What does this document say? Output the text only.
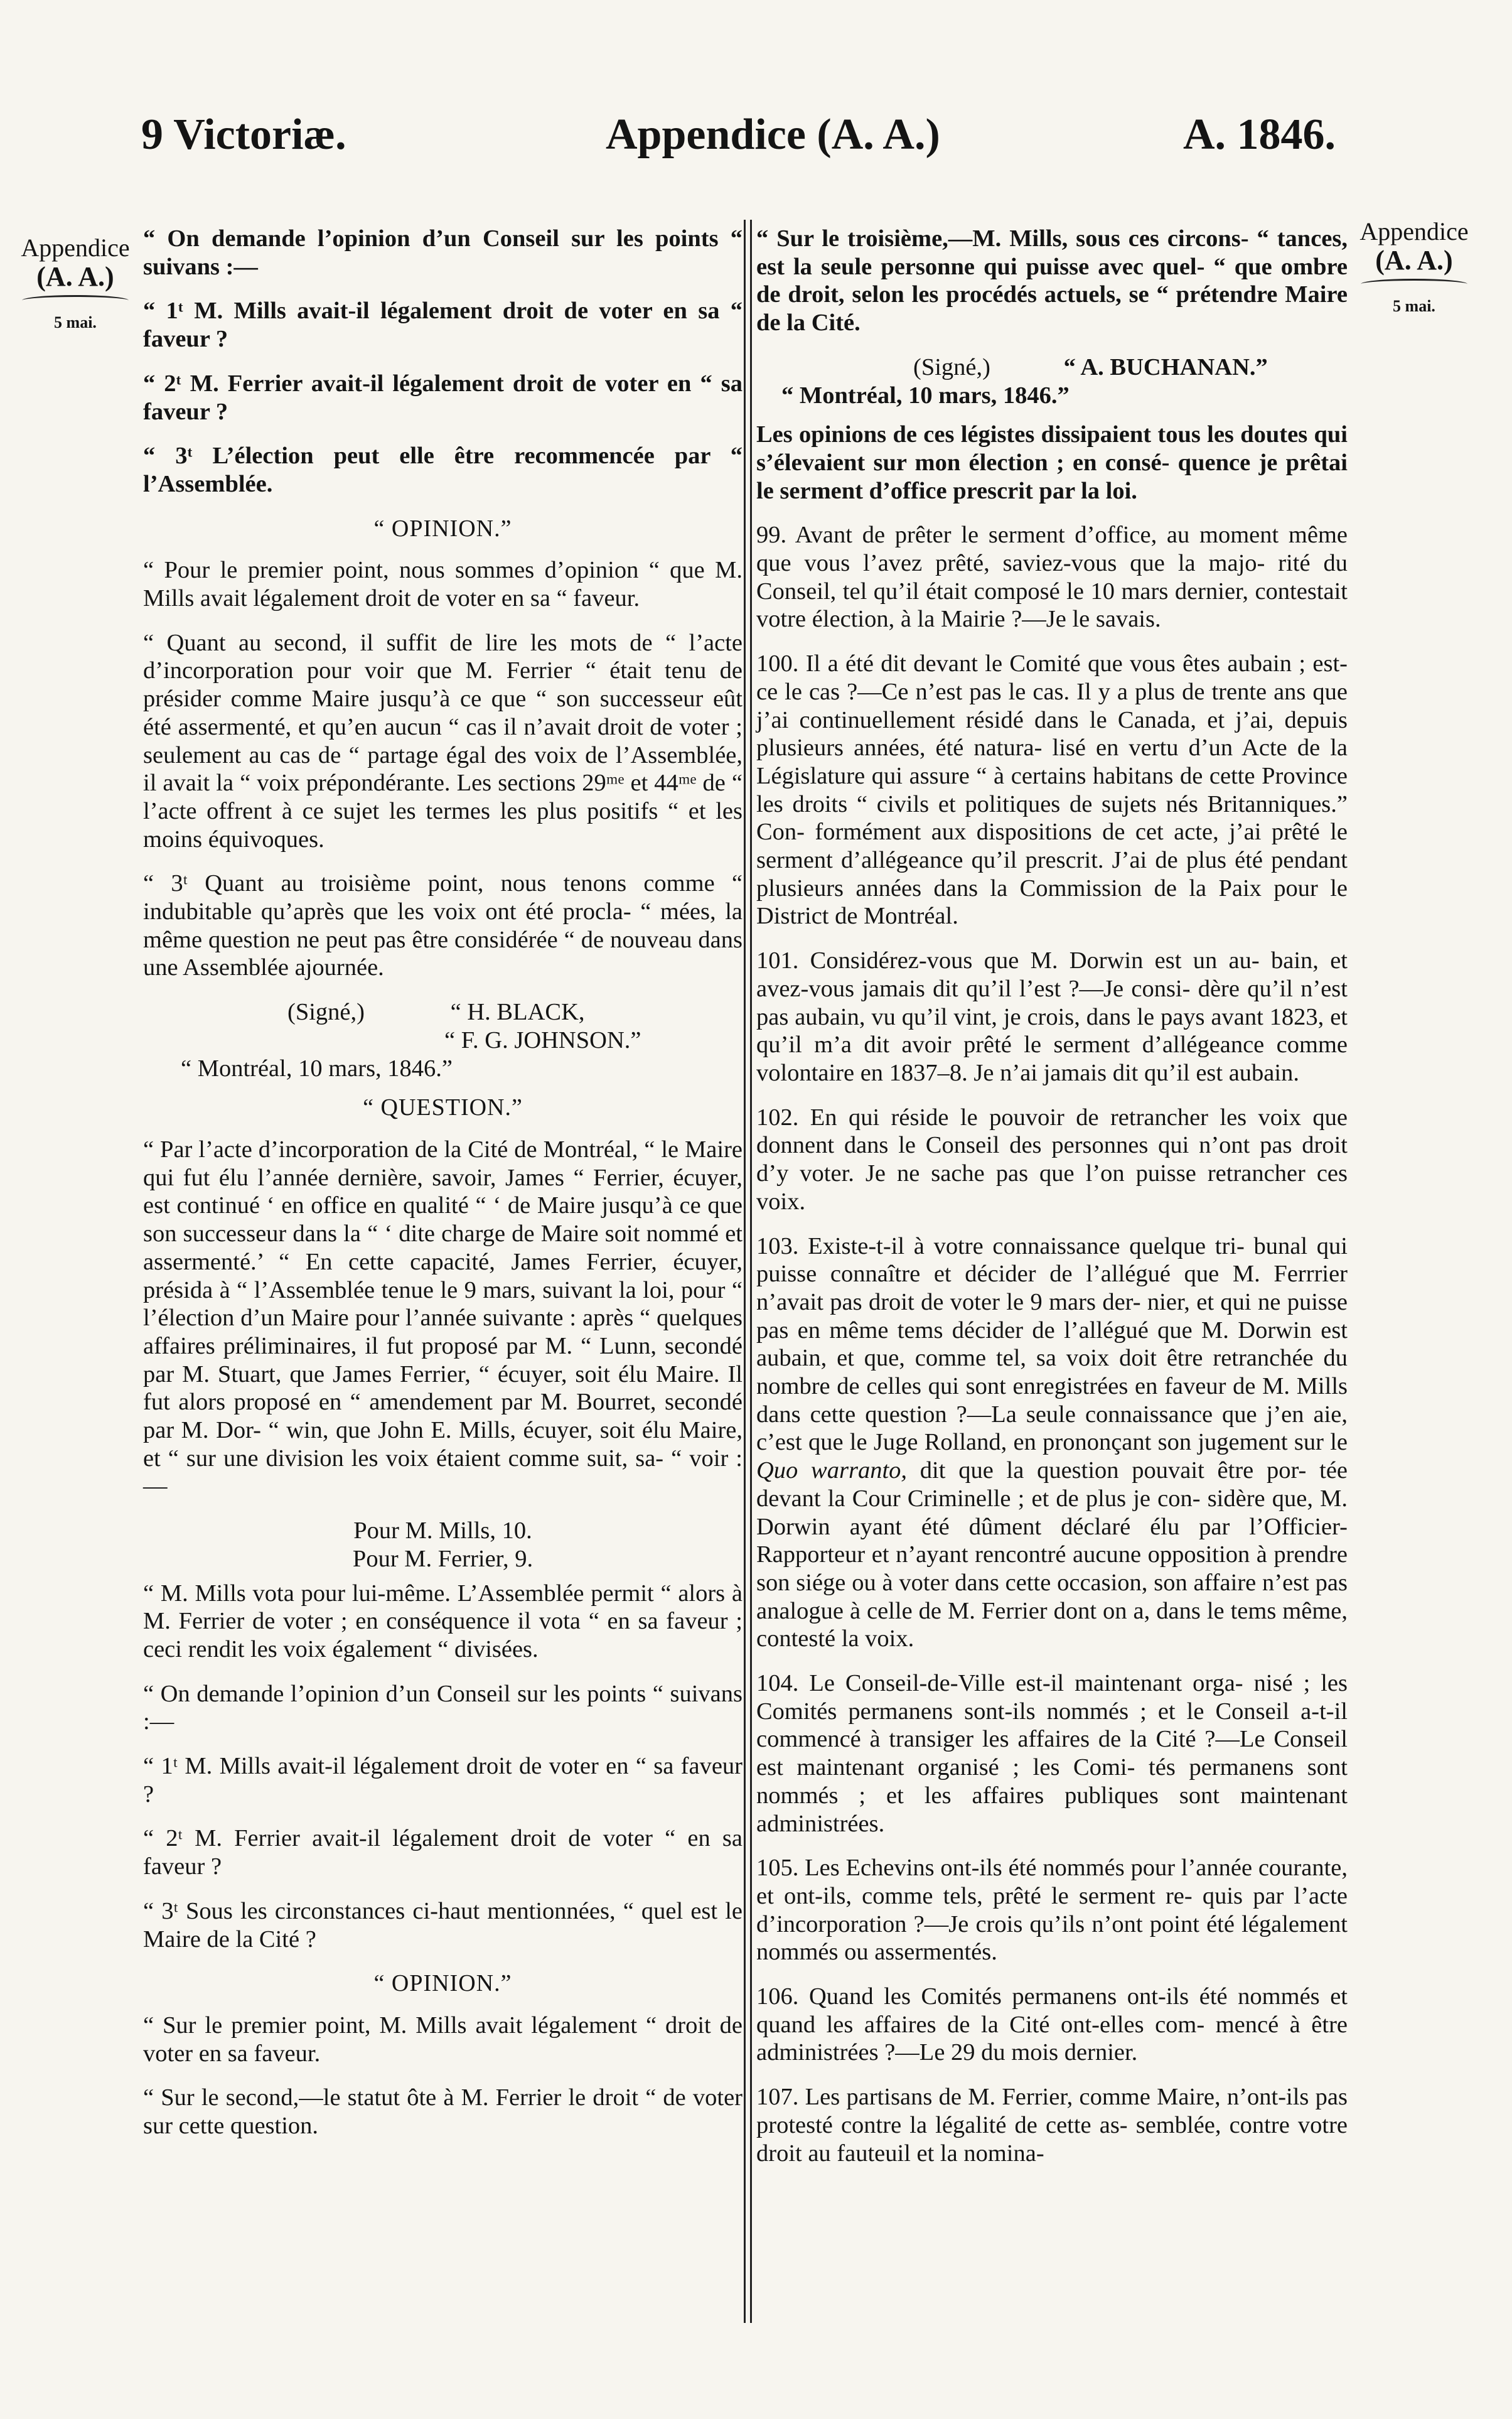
9 Victoriæ.	Appendice (A. A.)	A. 1846.
Appendice
(A. A.)
5 mai.
Appendice
(A. A.)
5 mai.

“ On demande l’opinion d’un Conseil sur les points “ suivans :—

“ 1ᵗ M. Mills avait-il légalement droit de voter en sa “ faveur ?

“ 2ᵗ M. Ferrier avait-il légalement droit de voter en “ sa faveur ?

“ 3ᵗ L’élection peut elle être recommencée par “ l’Assemblée.

“ OPINION.”

“ Pour le premier point, nous sommes d’opinion “ que M. Mills avait légalement droit de voter en sa “ faveur.

“ Quant au second, il suffit de lire les mots de “ l’acte d’incorporation pour voir que M. Ferrier “ était tenu de présider comme Maire jusqu’à ce que “ son successeur eût été assermenté, et qu’en aucun “ cas il n’avait droit de voter ; seulement au cas de “ partage égal des voix de l’Assemblée, il avait la “ voix prépondérante. Les sections 29ᵐᵉ et 44ᵐᵉ de “ l’acte offrent à ce sujet les termes les plus positifs “ et les moins équivoques.

“ 3ᵗ Quant au troisième point, nous tenons comme “ indubitable qu’après que les voix ont été procla- “ mées, la même question ne peut pas être considérée “ de nouveau dans une Assemblée ajournée.

(Signé,)	“ H. BLACK,
“ F. G. JOHNSON.”
“ Montréal, 10 mars, 1846.”
“ QUESTION.”

“ Par l’acte d’incorporation de la Cité de Montréal, “ le Maire qui fut élu l’année dernière, savoir, James “ Ferrier, écuyer, est continué ‘ en office en qualité “ ‘ de Maire jusqu’à ce que son successeur dans la “ ‘ dite charge de Maire soit nommé et assermenté.’ “ En cette capacité, James Ferrier, écuyer, présida à “ l’Assemblée tenue le 9 mars, suivant la loi, pour “ l’élection d’un Maire pour l’année suivante : après “ quelques affaires préliminaires, il fut proposé par M. “ Lunn, secondé par M. Stuart, que James Ferrier, “ écuyer, soit élu Maire. Il fut alors proposé en “ amendement par M. Bourret, secondé par M. Dor- “ win, que John E. Mills, écuyer, soit élu Maire, et “ sur une division les voix étaient comme suit, sa- “ voir :—

Pour M. Mills, 10.

Pour M. Ferrier, 9.

“ M. Mills vota pour lui-même. L’Assemblée permit “ alors à M. Ferrier de voter ; en conséquence il vota “ en sa faveur ; ceci rendit les voix également “ divisées.

“ On demande l’opinion d’un Conseil sur les points “ suivans :—

“ 1ᵗ M. Mills avait-il légalement droit de voter en “ sa faveur ?

“ 2ᵗ M. Ferrier avait-il légalement droit de voter “ en sa faveur ?

“ 3ᵗ Sous les circonstances ci-haut mentionnées, “ quel est le Maire de la Cité ?

“ OPINION.”

“ Sur le premier point, M. Mills avait légalement “ droit de voter en sa faveur.

“ Sur le second,—le statut ôte à M. Ferrier le droit “ de voter sur cette question.

“ Sur le troisième,—M. Mills, sous ces circons- “ tances, est la seule personne qui puisse avec quel- “ que ombre de droit, selon les procédés actuels, se “ prétendre Maire de la Cité.

(Signé,)	“ A. BUCHANAN.”
“ Montréal, 10 mars, 1846.”

Les opinions de ces légistes dissipaient tous les doutes qui s’élevaient sur mon élection ; en consé- quence je prêtai le serment d’office prescrit par la loi.

99. Avant de prêter le serment d’office, au moment même que vous l’avez prêté, saviez-vous que la majo- rité du Conseil, tel qu’il était composé le 10 mars dernier, contestait votre élection, à la Mairie ?—Je le savais.

100. Il a été dit devant le Comité que vous êtes aubain ; est-ce le cas ?—Ce n’est pas le cas. Il y a plus de trente ans que j’ai continuellement résidé dans le Canada, et j’ai, depuis plusieurs années, été natura- lisé en vertu d’un Acte de la Législature qui assure “ à certains habitans de cette Province les droits “ civils et politiques de sujets nés Britanniques.” Con- formément aux dispositions de cet acte, j’ai prêté le serment d’allégeance qu’il prescrit. J’ai de plus été pendant plusieurs années dans la Commission de la Paix pour le District de Montréal.

101. Considérez-vous que M. Dorwin est un au- bain, et avez-vous jamais dit qu’il l’est ?—Je consi- dère qu’il n’est pas aubain, vu qu’il vint, je crois, dans le pays avant 1823, et qu’il m’a dit avoir prêté le serment d’allégeance comme volontaire en 1837–8. Je n’ai jamais dit qu’il est aubain.

102. En qui réside le pouvoir de retrancher les voix que donnent dans le Conseil des personnes qui n’ont pas droit d’y voter. Je ne sache pas que l’on puisse retrancher ces voix.

103. Existe-t-il à votre connaissance quelque tri- bunal qui puisse connaître et décider de l’allégué que M. Ferrrier n’avait pas droit de voter le 9 mars der- nier, et qui ne puisse pas en même tems décider de l’allégué que M. Dorwin est aubain, et que, comme tel, sa voix doit être retranchée du nombre de celles qui sont enregistrées en faveur de M. Mills dans cette question ?—La seule connaissance que j’en aie, c’est que le Juge Rolland, en prononçant son jugement sur le Quo warranto, dit que la question pouvait être por- tée devant la Cour Criminelle ; et de plus je con- sidère que, M. Dorwin ayant été dûment déclaré élu par l’Officier-Rapporteur et n’ayant rencontré aucune opposition à prendre son siége ou à voter dans cette occasion, son affaire n’est pas analogue à celle de M. Ferrier dont on a, dans le tems même, contesté la voix.

104. Le Conseil-de-Ville est-il maintenant orga- nisé ; les Comités permanens sont-ils nommés ; et le Conseil a-t-il commencé à transiger les affaires de la Cité ?—Le Conseil est maintenant organisé ; les Comi- tés permanens sont nommés ; et les affaires publiques sont maintenant administrées.

105. Les Echevins ont-ils été nommés pour l’année courante, et ont-ils, comme tels, prêté le serment re- quis par l’acte d’incorporation ?—Je crois qu’ils n’ont point été légalement nommés ou assermentés.

106. Quand les Comités permanens ont-ils été nommés et quand les affaires de la Cité ont-elles com- mencé à être administrées ?—Le 29 du mois dernier.

107. Les partisans de M. Ferrier, comme Maire, n’ont-ils pas protesté contre la légalité de cette as- semblée, contre votre droit au fauteuil et la nomina-
